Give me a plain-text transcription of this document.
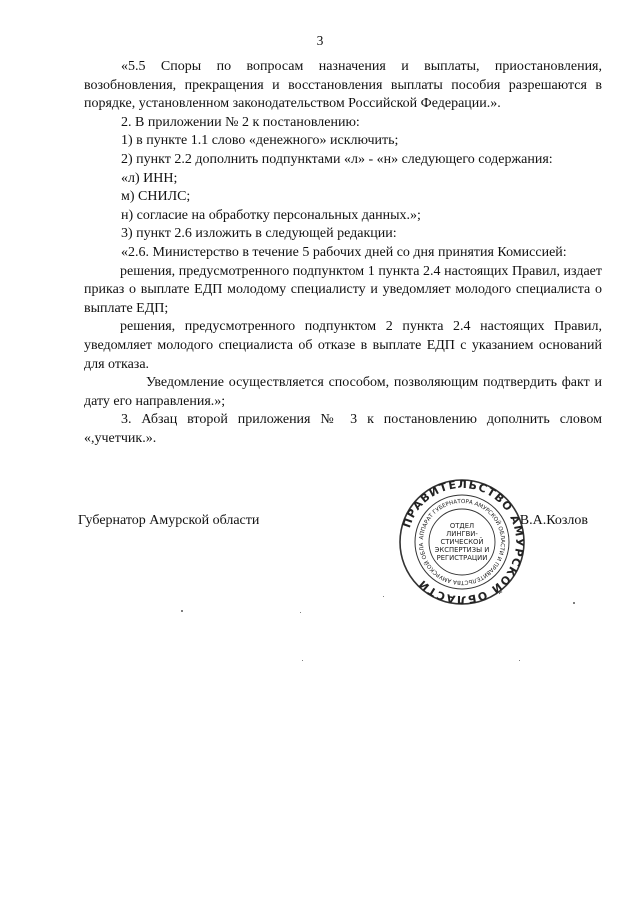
3

«5.5 Споры по вопросам назначения и выплаты, приостановления, возобновления, прекращения и восстановления выплаты пособия разрешаются в порядке, установленном законодательством Российской Федерации.».

2. В приложении № 2 к постановлению:

1) в пункте 1.1 слово «денежного» исключить;

2) пункт 2.2 дополнить подпунктами «л» - «н» следующего содержания:

«л) ИНН;

м) СНИЛС;

н) согласие на обработку персональных данных.»;

3) пункт 2.6 изложить в следующей редакции:

«2.6. Министерство в течение 5 рабочих дней со дня принятия Комиссией:

решения, предусмотренного подпунктом 1 пункта 2.4 настоящих Правил, издает приказ о выплате ЕДП молодому специалисту и уведомляет молодого специалиста о выплате ЕДП;

решения, предусмотренного подпунктом 2 пункта 2.4 настоящих Правил, уведомляет молодого специалиста об отказе в выплате ЕДП с указанием оснований для отказа.

Уведомление осуществляется способом, позволяющим подтвердить факт и дату его направления.»;

3. Абзац второй приложения № 3 к постановлению дополнить словом «,учетчик.».

Губернатор Амурской области	В.А.Козлов
ПРАВИТЕЛЬСТВО АМУРСКОЙ ОБЛАСТИ
АППАРАТ ГУБЕРНАТОРА АМУРСКОЙ ОБЛАСТИ И ПРАВИТЕЛЬСТВА АМУРСКОЙ ОБЛА
ОТДЕЛ
ЛИНГВИ-
СТИЧЕСКОЙ
ЭКСПЕРТИЗЫ И
РЕГИСТРАЦИИ
